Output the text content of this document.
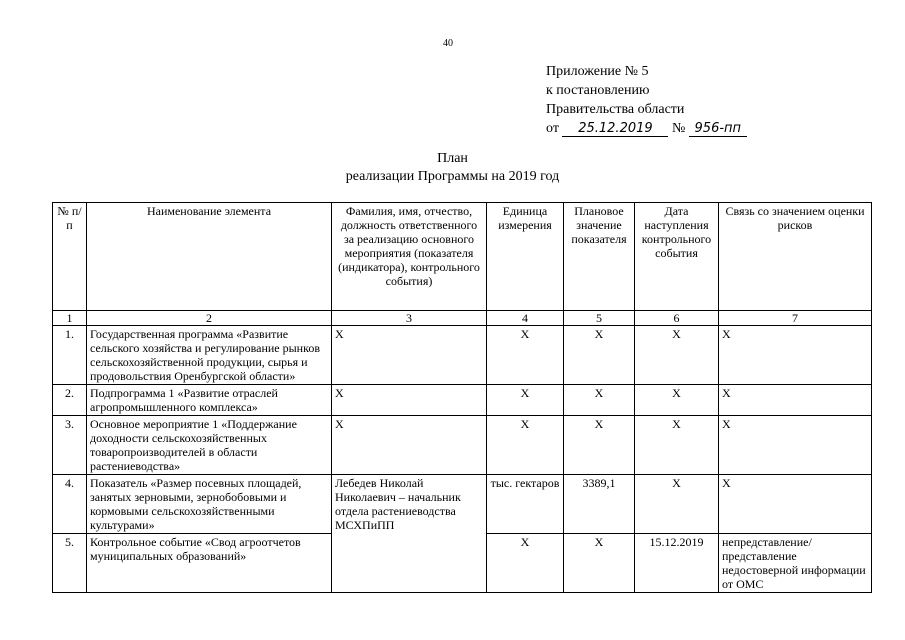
40
Приложение № 5
к постановлению
Правительства области
от 25.12.2019 № 956-пп
План
реализации Программы на 2019 год
№ п/п	Наименование элемента	Фамилия, имя, отчество, должность ответственного за реализацию основного мероприятия (показателя (индикатора), контрольного события)	Единица измерения	Плановое значение показателя	Дата наступления контрольного события	Связь со значением оценки рисков
1	2	3	4	5	6	7
1.	Государственная программа «Развитие сельского хозяйства и регулирование рынков сельскохозяйственной продукции, сырья и продовольствия Оренбургской области»	X	X	X	X	X
2.	Подпрограмма 1 «Развитие отраслей агропромышленного комплекса»	X	X	X	X	X
3.	Основное мероприятие 1 «Поддержание доходности сельскохозяйственных товаропроизводителей в области растениеводства»	X	X	X	X	X
4.	Показатель «Размер посевных площадей, занятых зерновыми, зернобобовыми и кормовыми сельскохозяйственными культурами»	Лебедев Николай Николаевич – начальник отдела растениеводства МСХПиПП	тыс. гектаров	3389,1	X	X
5.	Контрольное событие «Свод агроотчетов муниципальных образований»		X	X	15.12.2019	непредставление/представление недостоверной информации от ОМС
